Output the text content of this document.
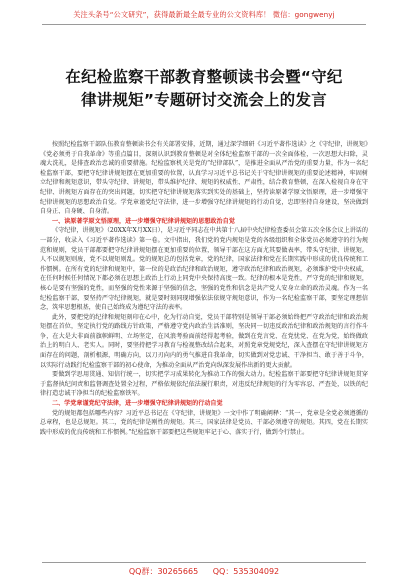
关注头条号“公文研究”，获得最新最全最专业的公文资料库！ 微信：gongwenyj
在纪检监察干部教育整顿读书会暨“守纪
律讲规矩”专题研讨交流会上的发言

按照纪检监察干部队伍教育整顿读书会有关部署安排，近期，通过深学细研《习近平著作选读》之《守纪律，讲规矩》《党必须勇于自我革命》等重点篇目，深刻认识到教育整顿是对全体纪检监察干部的一次全面体检，一次思想大扫除，灵魂大洗礼，是排查政治忠诚的重要措施。纪检监察机关是党的“纪律部队”，是推进全面从严治党的重要力量，作为一名纪检监察干部，要把守纪律讲规矩摆在更加重要的位置，认真学习习近平总书记关于守纪律讲规矩的重要论述精神，牢固树立纪律和规矩意识，带头守纪律、讲规矩，带头维护纪律、规矩的权威性、严肃性，结合教育整顿，在深入检视自身在守纪律、讲规矩方面存在的突出问题，切实把守纪律讲规矩落实到实处的基础上，坚持读原著学原文悟原理，进一步增强守纪律讲规矩的思想政治自觉。学党章谨党纪守法律，进一步增强守纪律讲规矩的行动自觉，忠即坚持自身建设，坚决做到自身正、自身硬、自身清。

一、读原著学原文悟原理，进一步增强守纪律讲规矩的思想政治自觉

《守纪律，讲规矩》（20XX年X月XX日），是习近平同志在中共第十八届中央纪律检查委员会第五次全体会议上讲话的一部分，收录入《习近平著作选读》第一卷。文中指出，我们党的党内规矩是党的各级组织和全体党员必须遵守的行为规范和规则，党员干部都要把守纪律讲规矩摆在更加重要的位置，领导干部在这方面尤其要做表率，带头守纪律、讲规矩。人不以规矩则废，党不以规矩则乱。党的规矩总的包括党章，党的纪律，国家法律和党在长期实践中形成的优良传统和工作惯例。在所有党的纪律和规矩中，第一位的是政治纪律和政治规矩，遵守政治纪律和政治规矩，必须维护党中央权威，在任何时候任何情况下都必须在思想上政治上行动上同党中央保持高度一致。纪律的根本是党性，严守党的纪律和规矩，核心是要有坚强的党性，而坚强的党性来源于坚强的信念，坚强的党性和信念是共产党人安身立命的政治灵魂。作为一名纪检监察干部，要坚持严守纪律规矩，就是要时刻同现增强依法依规守规矩意识，作为一名纪检监察干部，要坚定理想信念，筑牢思想根基，使自己始终成为遵纪守法的表率。

此外，要把党的纪律和规矩刻印在心中，化为行动自觉，党员干部特别是领导干部必须始终把严守政治纪律和政治规矩摆在首位，坚定执行党的路线方针政策，严格遵守党内政治生活准则，坚决同一切违反政治纪律和政治规矩的言行作斗争，在大是大非面前旗帜鲜明、立场坚定，在风浪考验面前经得起考验，做到在党言党、在党忧党、在党为党，始终做政治上的明白人、老实人。同时，要坚持把学习教育与检视整改结合起来，对照党章党规党纪，深入查摆在守纪律讲规矩方面存在的问题，剖析根源，明确方向，以刀刃向内的勇气推进自我革命，切实做到对党忠诚、干净担当、敢于善于斗争，以实际行动践行纪检监察干部的初心使命，为推动全面从严治党向纵深发展作出新的更大贡献。

要做到学思用贯通、知信行统一，切实把学习成果转化为推动工作的强大动力。纪检监察干部要把守纪律讲规矩贯穿于监督执纪问责和监督调查处置全过程，严格依规依纪依法履行职责，对违反纪律规矩的行为零容忍、严查处，以铁的纪律打造忠诚干净担当的纪检监察铁军。

二、学党章谨党纪守法律，进一步增强守纪律讲规矩的行动自觉

党的规矩都包括哪些内容？习近平总书记在《守纪律，讲规矩》一文中作了明确阐释：“其一，党章是全党必须遵循的总章程，也是总规矩。其二，党的纪律是刚性的规矩。其三，国家法律是党员、干部必须遵守的规矩。其四，党在长期实践中形成的优良传统和工作惯例。”纪检监察干部要把这些规矩牢记于心、落实于行，做到令行禁止。

QQ群：30265665 QQ：535304092
